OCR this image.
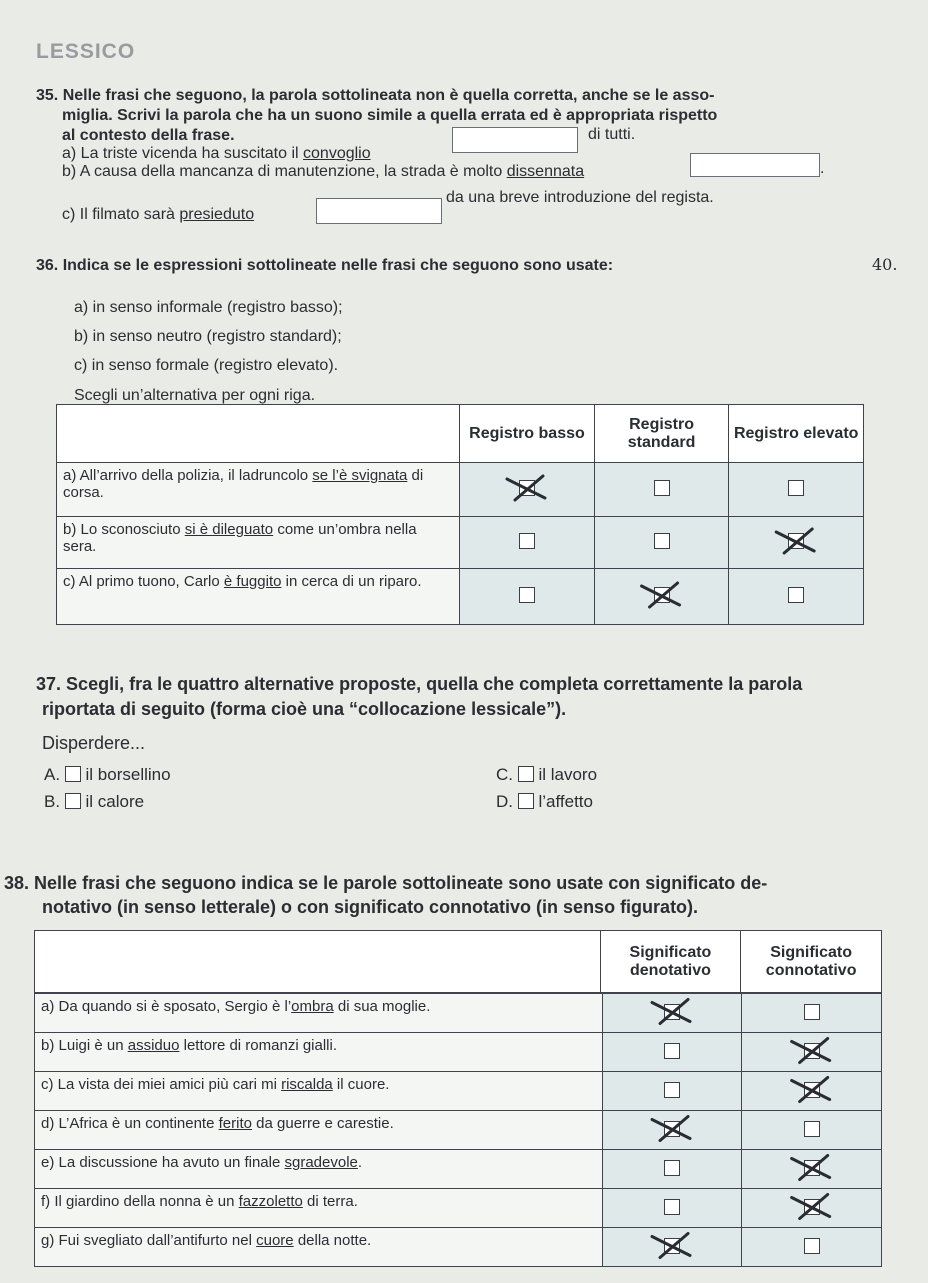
LESSICO
35. Nelle frasi che seguono, la parola sottolineata non è quella corretta, anche se le asso-
miglia. Scrivi la parola che ha un suono simile a quella errata ed è appropriata rispetto
al contesto della frase.
a) La triste vicenda ha suscitato il convoglio
di tutti.
b) A causa della mancanza di manutenzione, la strada è molto dissennata	.
c) Il filmato sarà presieduto
da una breve introduzione del regista.
40.
36. Indica se le espressioni sottolineate nelle frasi che seguono sono usate:
a) in senso informale (registro basso);
b) in senso neutro (registro standard);
c) in senso formale (registro elevato).
Scegli un’alternativa per ogni riga.
	Registro basso	Registro standard	Registro elevato
a) All’arrivo della polizia, il ladruncolo se l’è svignata di corsa.			
b) Lo sconosciuto si è dileguato come un’ombra nella sera.			
c) Al primo tuono, Carlo è fuggito in cerca di un riparo.			
37. Scegli, fra le quattro alternative proposte, quella che completa correttamente la parola
riportata di seguito (forma cioè una “collocazione lessicale”).
Disperdere...
A. il borsellino
B. il calore
C. il lavoro
D. l’affetto
38. Nelle frasi che seguono indica se le parole sottolineate sono usate con significato de-
notativo (in senso letterale) o con significato connotativo (in senso figurato).
	Significato denotativo	Significato connotativo
a) Da quando si è sposato, Sergio è l’ombra di sua moglie.		
b) Luigi è un assiduo lettore di romanzi gialli.		
c) La vista dei miei amici più cari mi riscalda il cuore.		
d) L’Africa è un continente ferito da guerre e carestie.		
e) La discussione ha avuto un finale sgradevole.		
f) Il giardino della nonna è un fazzoletto di terra.		
g) Fui svegliato dall’antifurto nel cuore della notte.		
